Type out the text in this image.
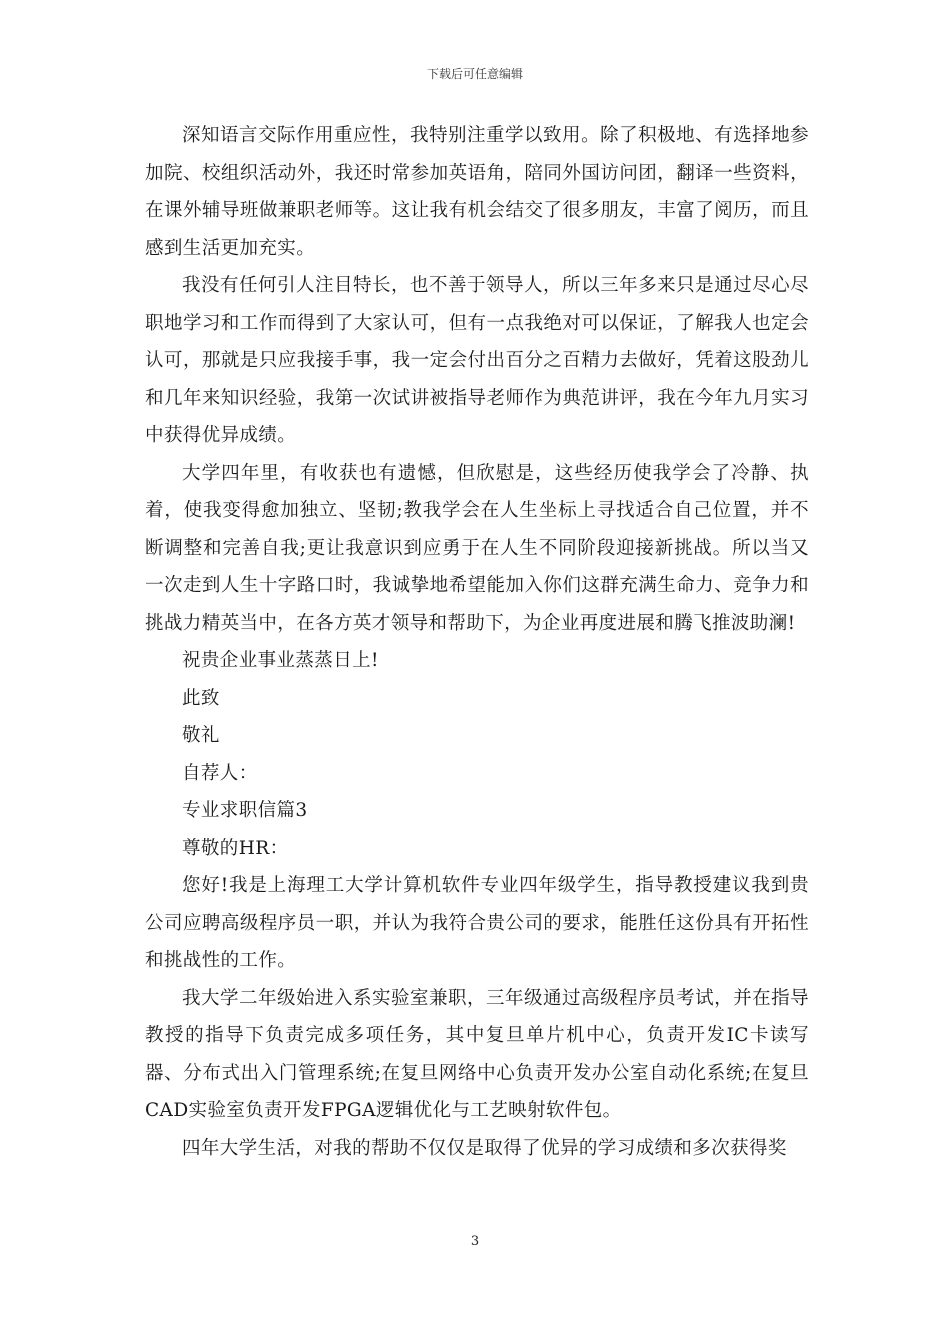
下载后可任意编辑

深知语言交际作用重应性，我特别注重学以致用。除了积极地、有选择地参加院、校组织活动外，我还时常参加英语角，陪同外国访问团，翻译一些资料，在课外辅导班做兼职老师等。这让我有机会结交了很多朋友，丰富了阅历，而且感到生活更加充实。

我没有任何引人注目特长，也不善于领导人，所以三年多来只是通过尽心尽职地学习和工作而得到了大家认可，但有一点我绝对可以保证，了解我人也定会认可，那就是只应我接手事，我一定会付出百分之百精力去做好，凭着这股劲儿和几年来知识经验，我第一次试讲被指导老师作为典范讲评，我在今年九月实习中获得优异成绩。

大学四年里，有收获也有遗憾，但欣慰是，这些经历使我学会了冷静、执着，使我变得愈加独立、坚韧;教我学会在人生坐标上寻找适合自己位置，并不断调整和完善自我;更让我意识到应勇于在人生不同阶段迎接新挑战。所以当又一次走到人生十字路口时，我诚挚地希望能加入你们这群充满生命力、竞争力和挑战力精英当中，在各方英才领导和帮助下，为企业再度进展和腾飞推波助澜!

祝贵企业事业蒸蒸日上!

此致

敬礼

自荐人：

专业求职信篇3

尊敬的HR：

您好!我是上海理工大学计算机软件专业四年级学生，指导教授建议我到贵公司应聘高级程序员一职，并认为我符合贵公司的要求，能胜任这份具有开拓性和挑战性的工作。

我大学二年级始进入系实验室兼职，三年级通过高级程序员考试，并在指导教授的指导下负责完成多项任务，其中复旦单片机中心，负责开发IC卡读写器、分布式出入门管理系统;在复旦网络中心负责开发办公室自动化系统;在复旦CAD实验室负责开发FPGA逻辑优化与工艺映射软件包。

四年大学生活，对我的帮助不仅仅是取得了优异的学习成绩和多次获得奖

3
